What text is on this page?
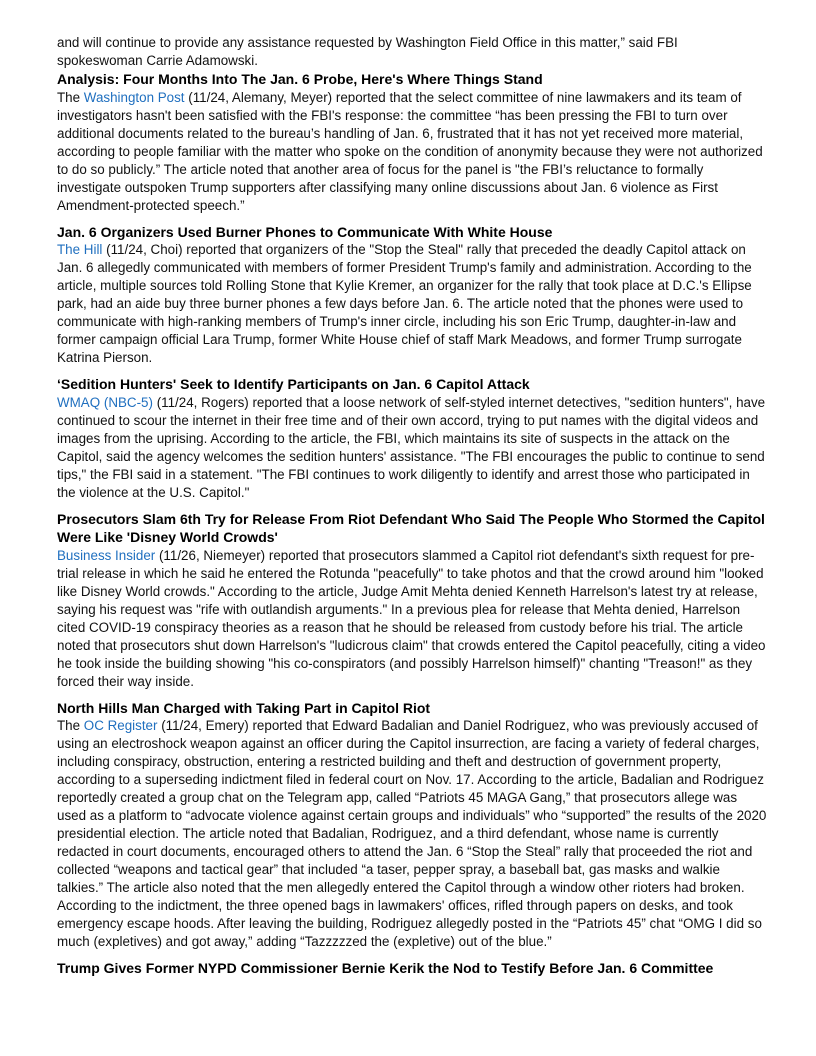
and will continue to provide any assistance requested by Washington Field Office in this matter,” said FBI spokeswoman Carrie Adamowski.

Analysis: Four Months Into The Jan. 6 Probe, Here's Where Things Stand

The Washington Post (11/24, Alemany, Meyer) reported that the select committee of nine lawmakers and its team of investigators hasn't been satisfied with the FBI's response: the committee “has been pressing the FBI to turn over additional documents related to the bureau’s handling of Jan. 6, frustrated that it has not yet received more material, according to people familiar with the matter who spoke on the condition of anonymity because they were not authorized to do so publicly.” The article noted that another area of focus for the panel is "the FBI’s reluctance to formally investigate outspoken Trump supporters after classifying many online discussions about Jan. 6 violence as First Amendment-protected speech.”

Jan. 6 Organizers Used Burner Phones to Communicate With White House

The Hill (11/24, Choi) reported that organizers of the "Stop the Steal" rally that preceded the deadly Capitol attack on Jan. 6 allegedly communicated with members of former President Trump's family and administration. According to the article, multiple sources told Rolling Stone that Kylie Kremer, an organizer for the rally that took place at D.C.'s Ellipse park, had an aide buy three burner phones a few days before Jan. 6. The article noted that the phones were used to communicate with high-ranking members of Trump's inner circle, including his son Eric Trump, daughter-in-law and former campaign official Lara Trump, former White House chief of staff Mark Meadows, and former Trump surrogate Katrina Pierson.

‘Sedition Hunters' Seek to Identify Participants on Jan. 6 Capitol Attack

WMAQ (NBC-5) (11/24, Rogers) reported that a loose network of self-styled internet detectives, "sedition hunters", have continued to scour the internet in their free time and of their own accord, trying to put names with the digital videos and images from the uprising. According to the article, the FBI, which maintains its site of suspects in the attack on the Capitol, said the agency welcomes the sedition hunters' assistance. "The FBI encourages the public to continue to send tips," the FBI said in a statement. "The FBI continues to work diligently to identify and arrest those who participated in the violence at the U.S. Capitol."

Prosecutors Slam 6th Try for Release From Riot Defendant Who Said The People Who Stormed the Capitol Were Like 'Disney World Crowds'

Business Insider (11/26, Niemeyer) reported that prosecutors slammed a Capitol riot defendant's sixth request for pre-trial release in which he said he entered the Rotunda "peacefully" to take photos and that the crowd around him "looked like Disney World crowds." According to the article, Judge Amit Mehta denied Kenneth Harrelson's latest try at release, saying his request was "rife with outlandish arguments." In a previous plea for release that Mehta denied, Harrelson cited COVID-19 conspiracy theories as a reason that he should be released from custody before his trial. The article noted that prosecutors shut down Harrelson's "ludicrous claim" that crowds entered the Capitol peacefully, citing a video he took inside the building showing "his co-conspirators (and possibly Harrelson himself)" chanting "Treason!" as they forced their way inside.

North Hills Man Charged with Taking Part in Capitol Riot

The OC Register (11/24, Emery) reported that Edward Badalian and Daniel Rodriguez, who was previously accused of using an electroshock weapon against an officer during the Capitol insurrection, are facing a variety of federal charges, including conspiracy, obstruction, entering a restricted building and theft and destruction of government property, according to a superseding indictment filed in federal court on Nov. 17. According to the article, Badalian and Rodriguez reportedly created a group chat on the Telegram app, called “Patriots 45 MAGA Gang,” that prosecutors allege was used as a platform to “advocate violence against certain groups and individuals” who “supported” the results of the 2020 presidential election. The article noted that Badalian, Rodriguez, and a third defendant, whose name is currently redacted in court documents, encouraged others to attend the Jan. 6 “Stop the Steal” rally that proceeded the riot and collected “weapons and tactical gear” that included “a taser, pepper spray, a baseball bat, gas masks and walkie talkies.” The article also noted that the men allegedly entered the Capitol through a window other rioters had broken. According to the indictment, the three opened bags in lawmakers' offices, rifled through papers on desks, and took emergency escape hoods. After leaving the building, Rodriguez allegedly posted in the “Patriots 45” chat “OMG I did so much (expletives) and got away,” adding “Tazzzzzed the (expletive) out of the blue.”

Trump Gives Former NYPD Commissioner Bernie Kerik the Nod to Testify Before Jan. 6 Committee
